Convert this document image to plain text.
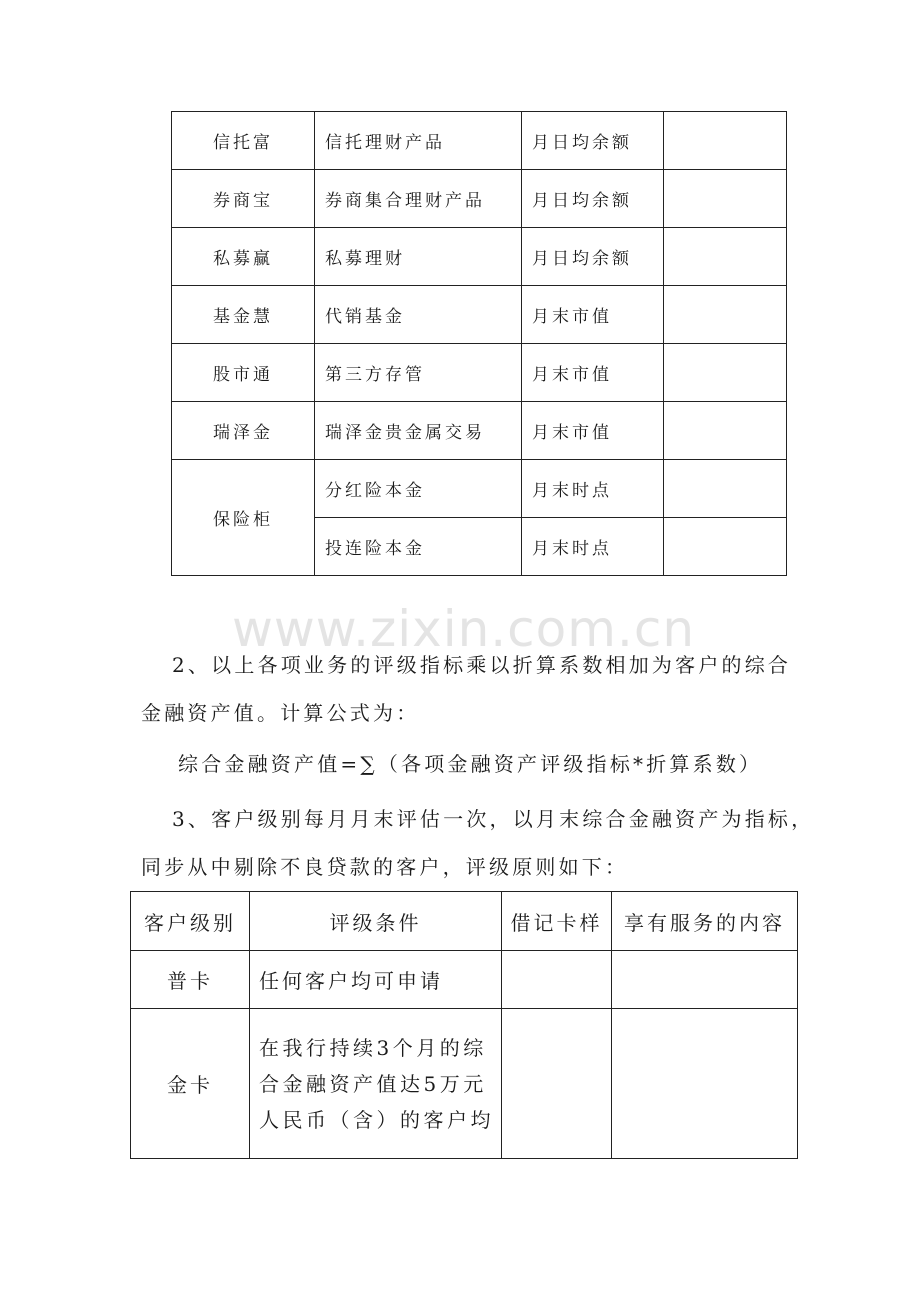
信托富	信托理财产品	月日均余额	
券商宝	券商集合理财产品	月日均余额	
私募赢	私募理财	月日均余额	
基金慧	代销基金	月末市值	
股市通	第三方存管	月末市值	
瑞泽金	瑞泽金贵金属交易	月末市值	
保险柜	分红险本金	月末时点	
	投连险本金	月末时点	
www.zixin.com.cn
2、以上各项业务的评级指标乘以折算系数相加为客户的综合
金融资产值。计算公式为：
综合金融资产值=∑（各项金融资产评级指标*折算系数）
3、客户级别每月月末评估一次，以月末综合金融资产为指标，
同步从中剔除不良贷款的客户，评级原则如下：
客户级别	评级条件	借记卡样	享有服务的内容
普卡	任何客户均可申请		
金卡	在我行持续3个月的综
合金融资产值达5万元
人民币（含）的客户均		
